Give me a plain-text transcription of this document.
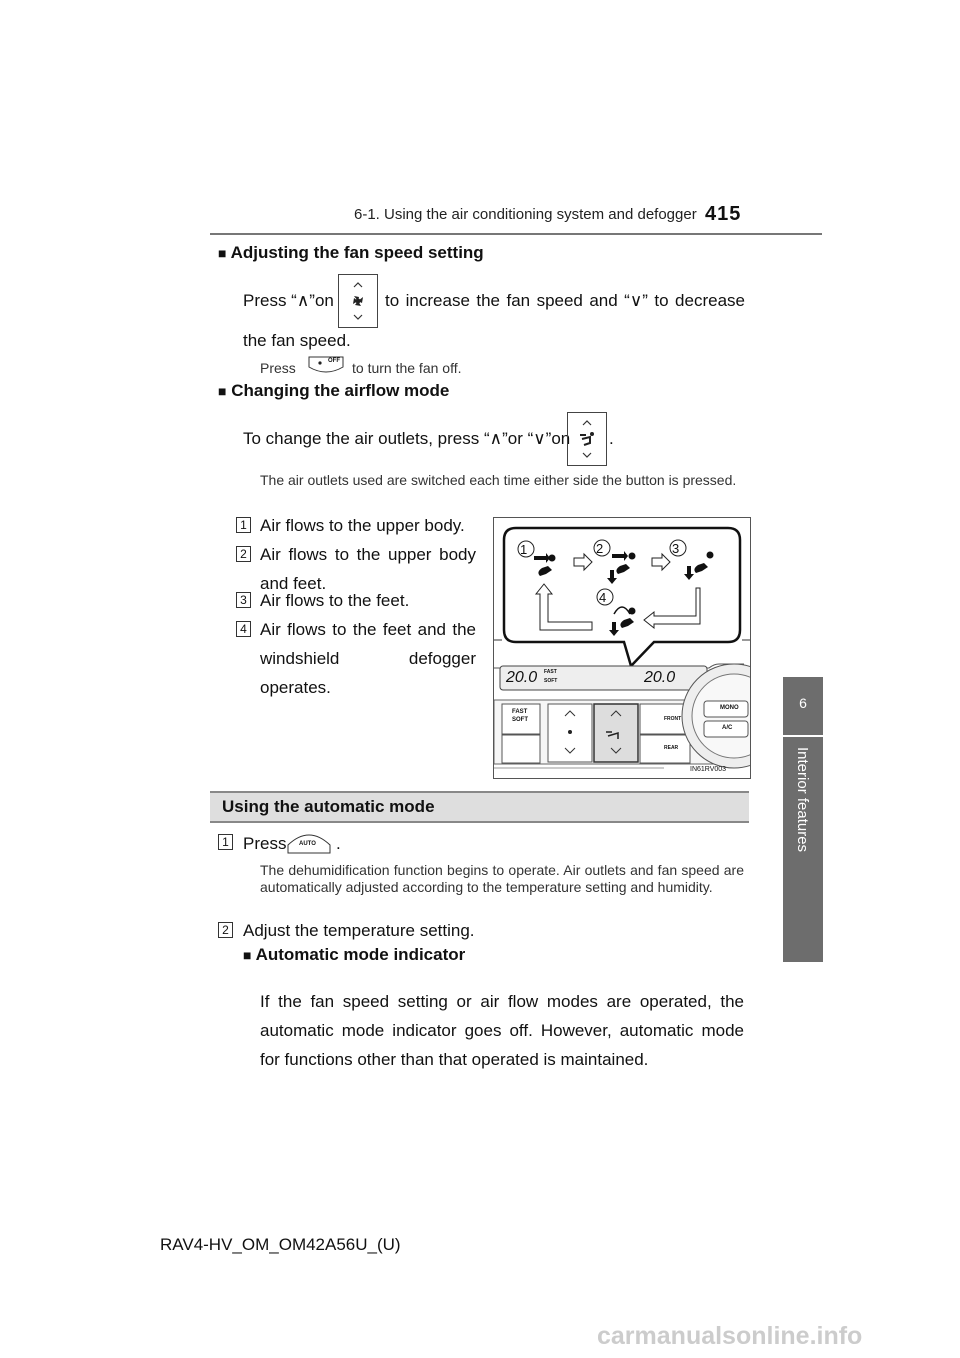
6-1. Using the air conditioning system and defogger 415
6
Interior features
■ Adjusting the fan speed setting
Press “∧”on	to increase the fan speed and “∨” to decrease
the fan speed.
Press	OFF to turn the fan off.
■ Changing the airflow mode
To change the air outlets, press “∧”or “∨”on .
The air outlets used are switched each time either side the button is pressed.
1 Air flows to the upper body.
2 Air flows to the upper body and feet.
3 Air flows to the feet.
4 Air flows to the feet and the windshield defogger operates.
1	2	3
4
20.0 FAST
SOFT	20.0
FAST
SOFT	FRONT
REAR
MONO
A/C
IN61RV003
Using the automatic mode
1 Press AUTO .
The dehumidification function begins to operate. Air outlets and fan speed are automatically adjusted according to the temperature setting and humidity.
2 Adjust the temperature setting.
■ Automatic mode indicator
If the fan speed setting or air flow modes are operated, the automatic mode indicator goes off. However, automatic mode for functions other than that operated is maintained.
RAV4-HV_OM_OM42A56U_(U)
carmanualsonline.info
